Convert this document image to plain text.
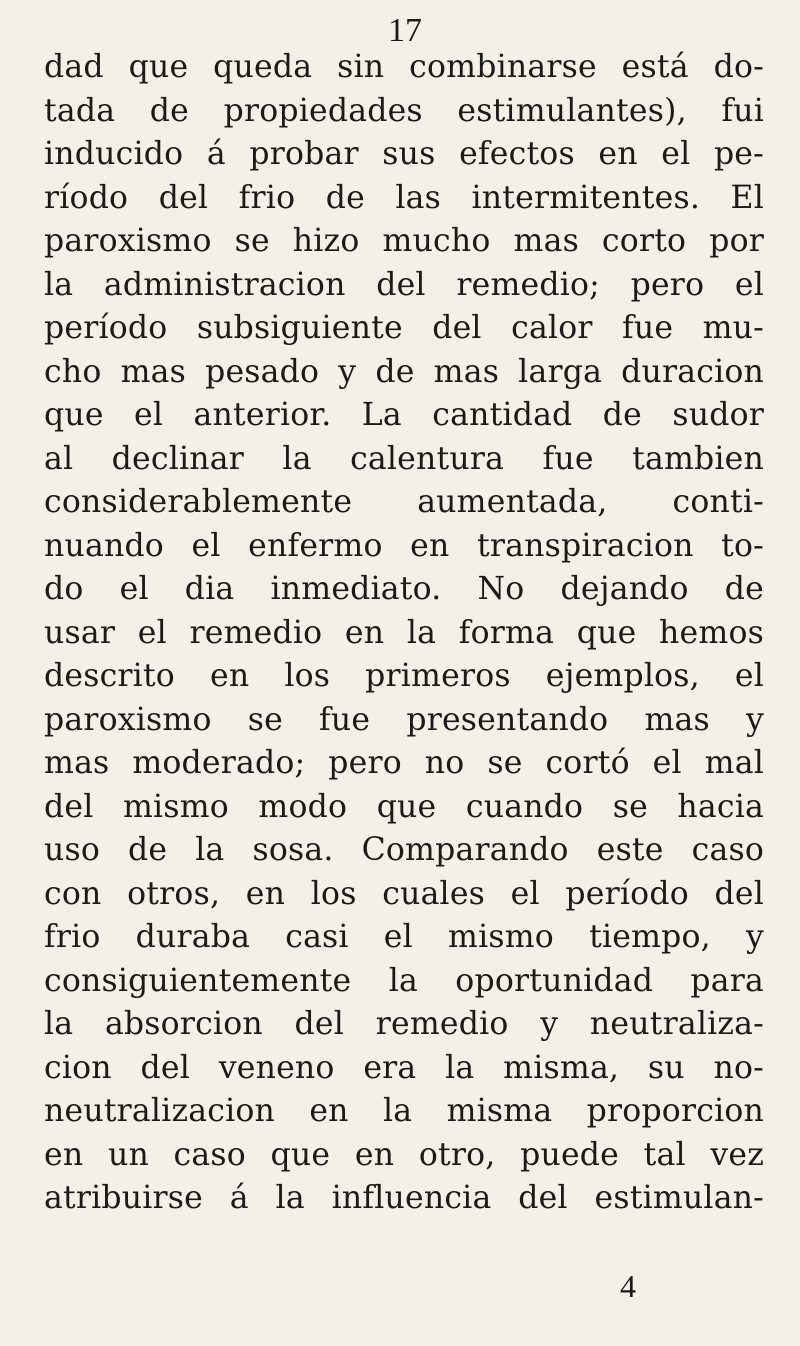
17
dad que queda sin combinarse está do-
tada de propiedades estimulantes), fui
inducido á probar sus efectos en el pe-
ríodo del frio de las intermitentes. El
paroxismo se hizo mucho mas corto por
la administracion del remedio; pero el
período subsiguiente del calor fue mu-
cho mas pesado y de mas larga duracion
que el anterior. La cantidad de sudor
al declinar la calentura fue tambien
considerablemente aumentada, conti-
nuando el enfermo en transpiracion to-
do el dia inmediato. No dejando de
usar el remedio en la forma que hemos
descrito en los primeros ejemplos, el
paroxismo se fue presentando mas y
mas moderado; pero no se cortó el mal
del mismo modo que cuando se hacia
uso de la sosa. Comparando este caso
con otros, en los cuales el período del
frio duraba casi el mismo tiempo, y
consiguientemente la oportunidad para
la absorcion del remedio y neutraliza-
cion del veneno era la misma, su no-
neutralizacion en la misma proporcion
en un caso que en otro, puede tal vez
atribuirse á la influencia del estimulan-
4
